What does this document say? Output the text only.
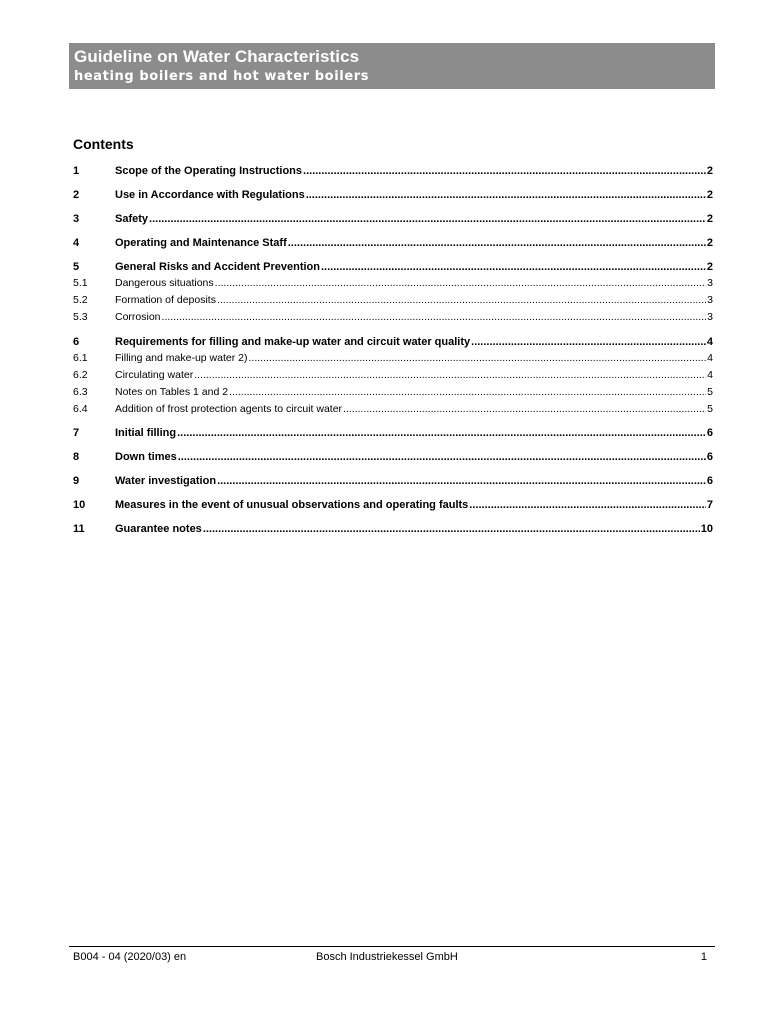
Guideline on Water Characteristics
heating boilers and hot water boilers
Contents
1	Scope of the Operating Instructions .....	2
2	Use in Accordance with Regulations .....	2
3	Safety .....	2
4	Operating and Maintenance Staff .....	2
5	General Risks and Accident Prevention .....	2
5.1	Dangerous situations .....	3
5.2	Formation of deposits .....	3
5.3	Corrosion .....	3
6	Requirements for filling and make-up water and circuit water quality .....	4
6.1	Filling and make-up water 2) .....	4
6.2	Circulating water .....	4
6.3	Notes on Tables 1 and 2 .....	5
6.4	Addition of frost protection agents to circuit water .....	5
7	Initial filling .....	6
8	Down times .....	6
9	Water investigation .....	6
10	Measures in the event of unusual observations and operating faults .....	7
11	Guarantee notes .....	10
B004 - 04 (2020/03) en	Bosch Industriekessel GmbH	1
